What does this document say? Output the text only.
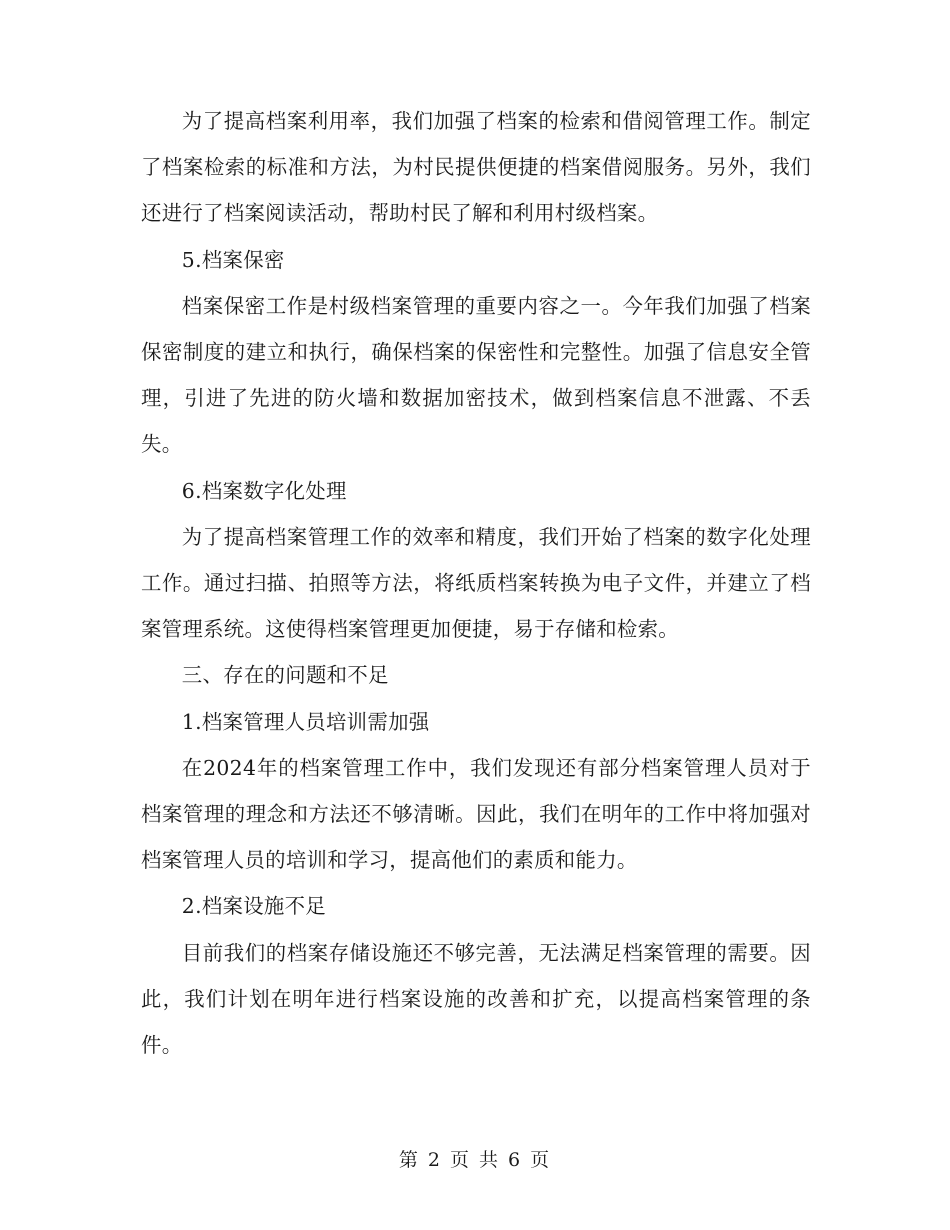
为了提高档案利用率，我们加强了档案的检索和借阅管理工作。制定了档案检索的标准和方法，为村民提供便捷的档案借阅服务。另外，我们还进行了档案阅读活动，帮助村民了解和利用村级档案。

5.档案保密

档案保密工作是村级档案管理的重要内容之一。今年我们加强了档案保密制度的建立和执行，确保档案的保密性和完整性。加强了信息安全管理，引进了先进的防火墙和数据加密技术，做到档案信息不泄露、不丢失。

6.档案数字化处理

为了提高档案管理工作的效率和精度，我们开始了档案的数字化处理工作。通过扫描、拍照等方法，将纸质档案转换为电子文件，并建立了档案管理系统。这使得档案管理更加便捷，易于存储和检索。

三、存在的问题和不足

1.档案管理人员培训需加强

在2024年的档案管理工作中，我们发现还有部分档案管理人员对于档案管理的理念和方法还不够清晰。因此，我们在明年的工作中将加强对档案管理人员的培训和学习，提高他们的素质和能力。

2.档案设施不足

目前我们的档案存储设施还不够完善，无法满足档案管理的需要。因此，我们计划在明年进行档案设施的改善和扩充，以提高档案管理的条件。

第 2 页 共 6 页
